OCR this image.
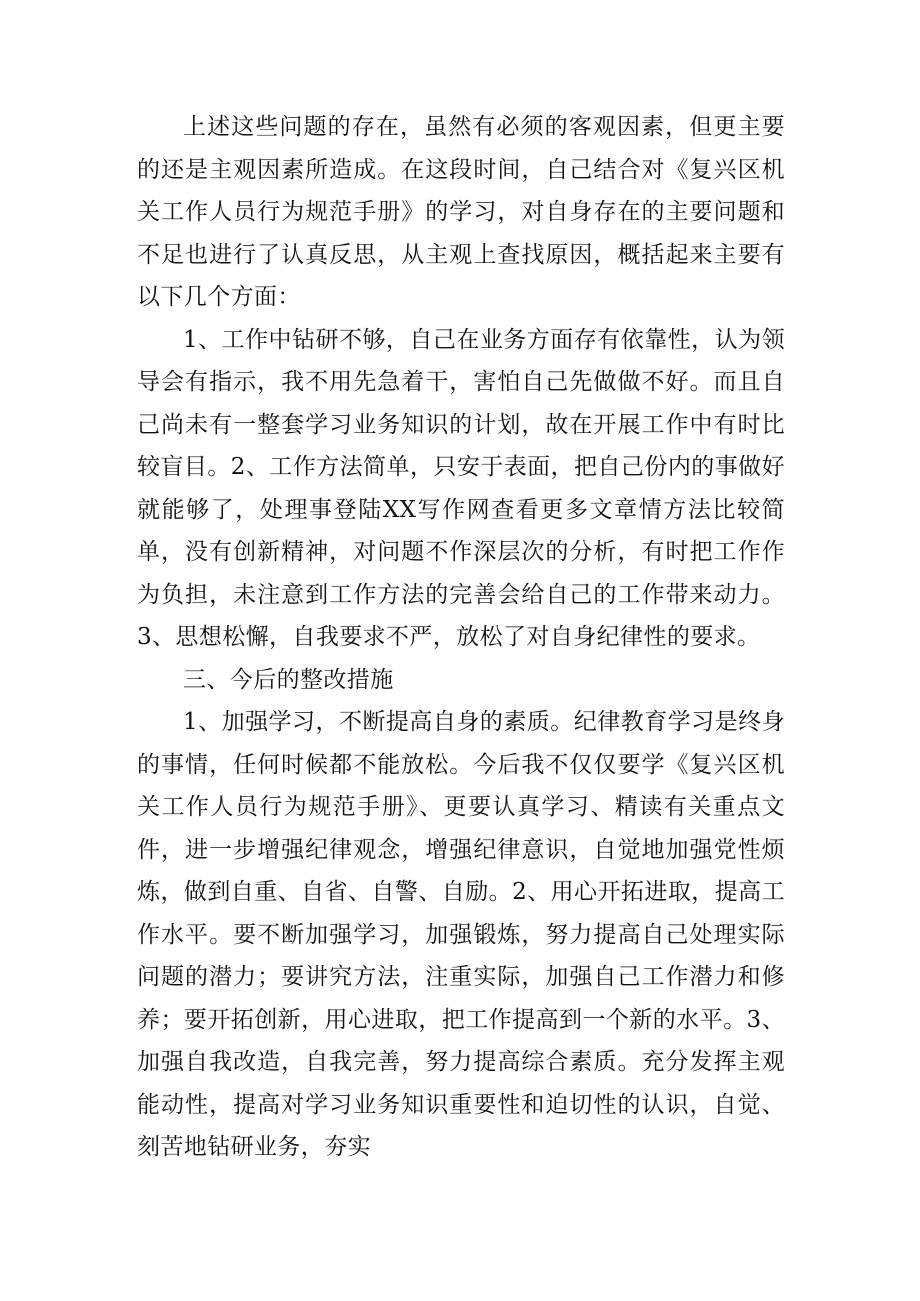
上述这些问题的存在，虽然有必须的客观因素，但更主要的还是主观因素所造成。在这段时间，自己结合对《复兴区机关工作人员行为规范手册》的学习，对自身存在的主要问题和不足也进行了认真反思，从主观上查找原因，概括起来主要有以下几个方面：

1、工作中钻研不够，自己在业务方面存有依靠性，认为领导会有指示，我不用先急着干，害怕自己先做做不好。而且自己尚未有一整套学习业务知识的计划，故在开展工作中有时比较盲目。2、工作方法简单，只安于表面，把自己份内的事做好就能够了，处理事登陆XX写作网查看更多文章情方法比较简单，没有创新精神，对问题不作深层次的分析，有时把工作作为负担，未注意到工作方法的完善会给自己的工作带来动力。3、思想松懈，自我要求不严，放松了对自身纪律性的要求。

三、今后的整改措施

1、加强学习，不断提高自身的素质。纪律教育学习是终身的事情，任何时候都不能放松。今后我不仅仅要学《复兴区机关工作人员行为规范手册》、更要认真学习、精读有关重点文件，进一步增强纪律观念，增强纪律意识，自觉地加强党性烦炼，做到自重、自省、自警、自励。2、用心开拓进取，提高工作水平。要不断加强学习，加强锻炼，努力提高自己处理实际问题的潜力；要讲究方法，注重实际，加强自己工作潜力和修养；要开拓创新，用心进取，把工作提高到一个新的水平。3、加强自我改造，自我完善，努力提高综合素质。充分发挥主观能动性，提高对学习业务知识重要性和迫切性的认识，自觉、刻苦地钻研业务，夯实
